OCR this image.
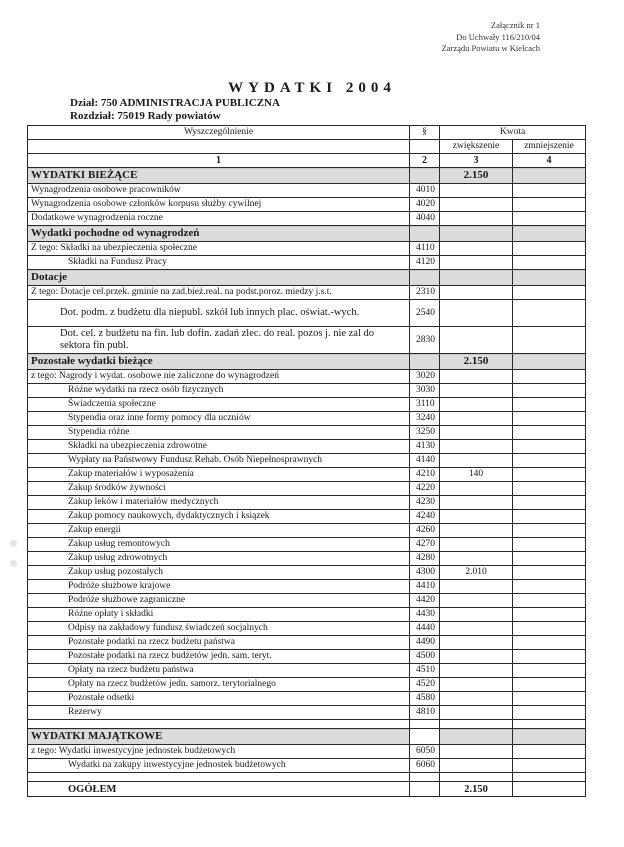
Załącznik nr 1
Do Uchwały 116/210/04
Zarządu Powiatu w Kielcach
WYDATKI 2004
Dział: 750 ADMINISTRACJA PUBLICZNA
Rozdział: 75019 Rady powiatów
Wyszczególnienie	§	Kwota	
		zwiększenie	zmniejszenie
1	2	3	4
WYDATKI BIEŻĄCE		2.150	
Wynagrodzenia osobowe pracowników	4010		
Wynagrodzenia osobowe członków korpusu służby cywilnej	4020		
Dodatkowe wynagrodzenia roczne	4040		
Wydatki pochodne od wynagrodzeń			
Z tego: Składki na ubezpieczenia społeczne	4110		
Składki na Fundusz Pracy	4120		
Dotacje			
Z tego: Dotacje cel.przek. gminie na zad.bież.real. na podst.poroz. miedzy j.s.t.	2310		
Dot. podm. z budżetu dla niepubl. szkół lub innych plac. oświat.-wych.	2540		
Dot. cel. z budżetu na fin. lub dofin. zadań zlec. do real. pozos j. nie zal do sektora fin publ.	2830		
Pozostałe wydatki bieżące		2.150	
z tego: Nagrody i wydat. osobowe nie zaliczone do wynagrodzeń	3020		
Różne wydatki na rzecz osób fizycznych	3030		
Świadczenia społeczne	3110		
Stypendia oraz inne formy pomocy dla uczniów	3240		
Stypendia różne	3250		
Składki na ubezpieczenia zdrowotne	4130		
Wypłaty na Państwowy Fundusz Rehab. Osób Niepełnosprawnych	4140		
Zakup materiałów i wyposażenia	4210	140	
Zakup środków żywności	4220		
Zakup leków i materiałów medycznych	4230		
Zakup pomocy naukowych, dydaktycznych i ksiązek	4240		
Zakup energii	4260		
Zakup usług remontowych	4270		
Zakup usług zdrowotnych	4280		
Zakup usług pozostałych	4300	2.010	
Podróże służbowe krajowe	4410		
Podróże służbowe zagraniczne	4420		
Różne opłaty i składki	4430		
Odpisy na zakładowy fundusz świadczeń socjalnych	4440		
Pozostałe podatki na rzecz budżetu państwa	4490		
Pozostałe podatki na rzecz budżetów jedn. sam. teryt.	4500		
Opłaty na rzecz budżetu państwa	4510		
Opłaty na rzecz budżetów jedn. samorz. terytorialnego	4520		
Pozostałe odsetki	4580		
Rezerwy	4810		

WYDATKI MAJĄTKOWE			
z tego: Wydatki inwestycyjne jednostek budżetowych	6050		
Wydatki na zakupy inwestycyjne jednostek budżetowych	6060		

OGÓŁEM		2.150	
